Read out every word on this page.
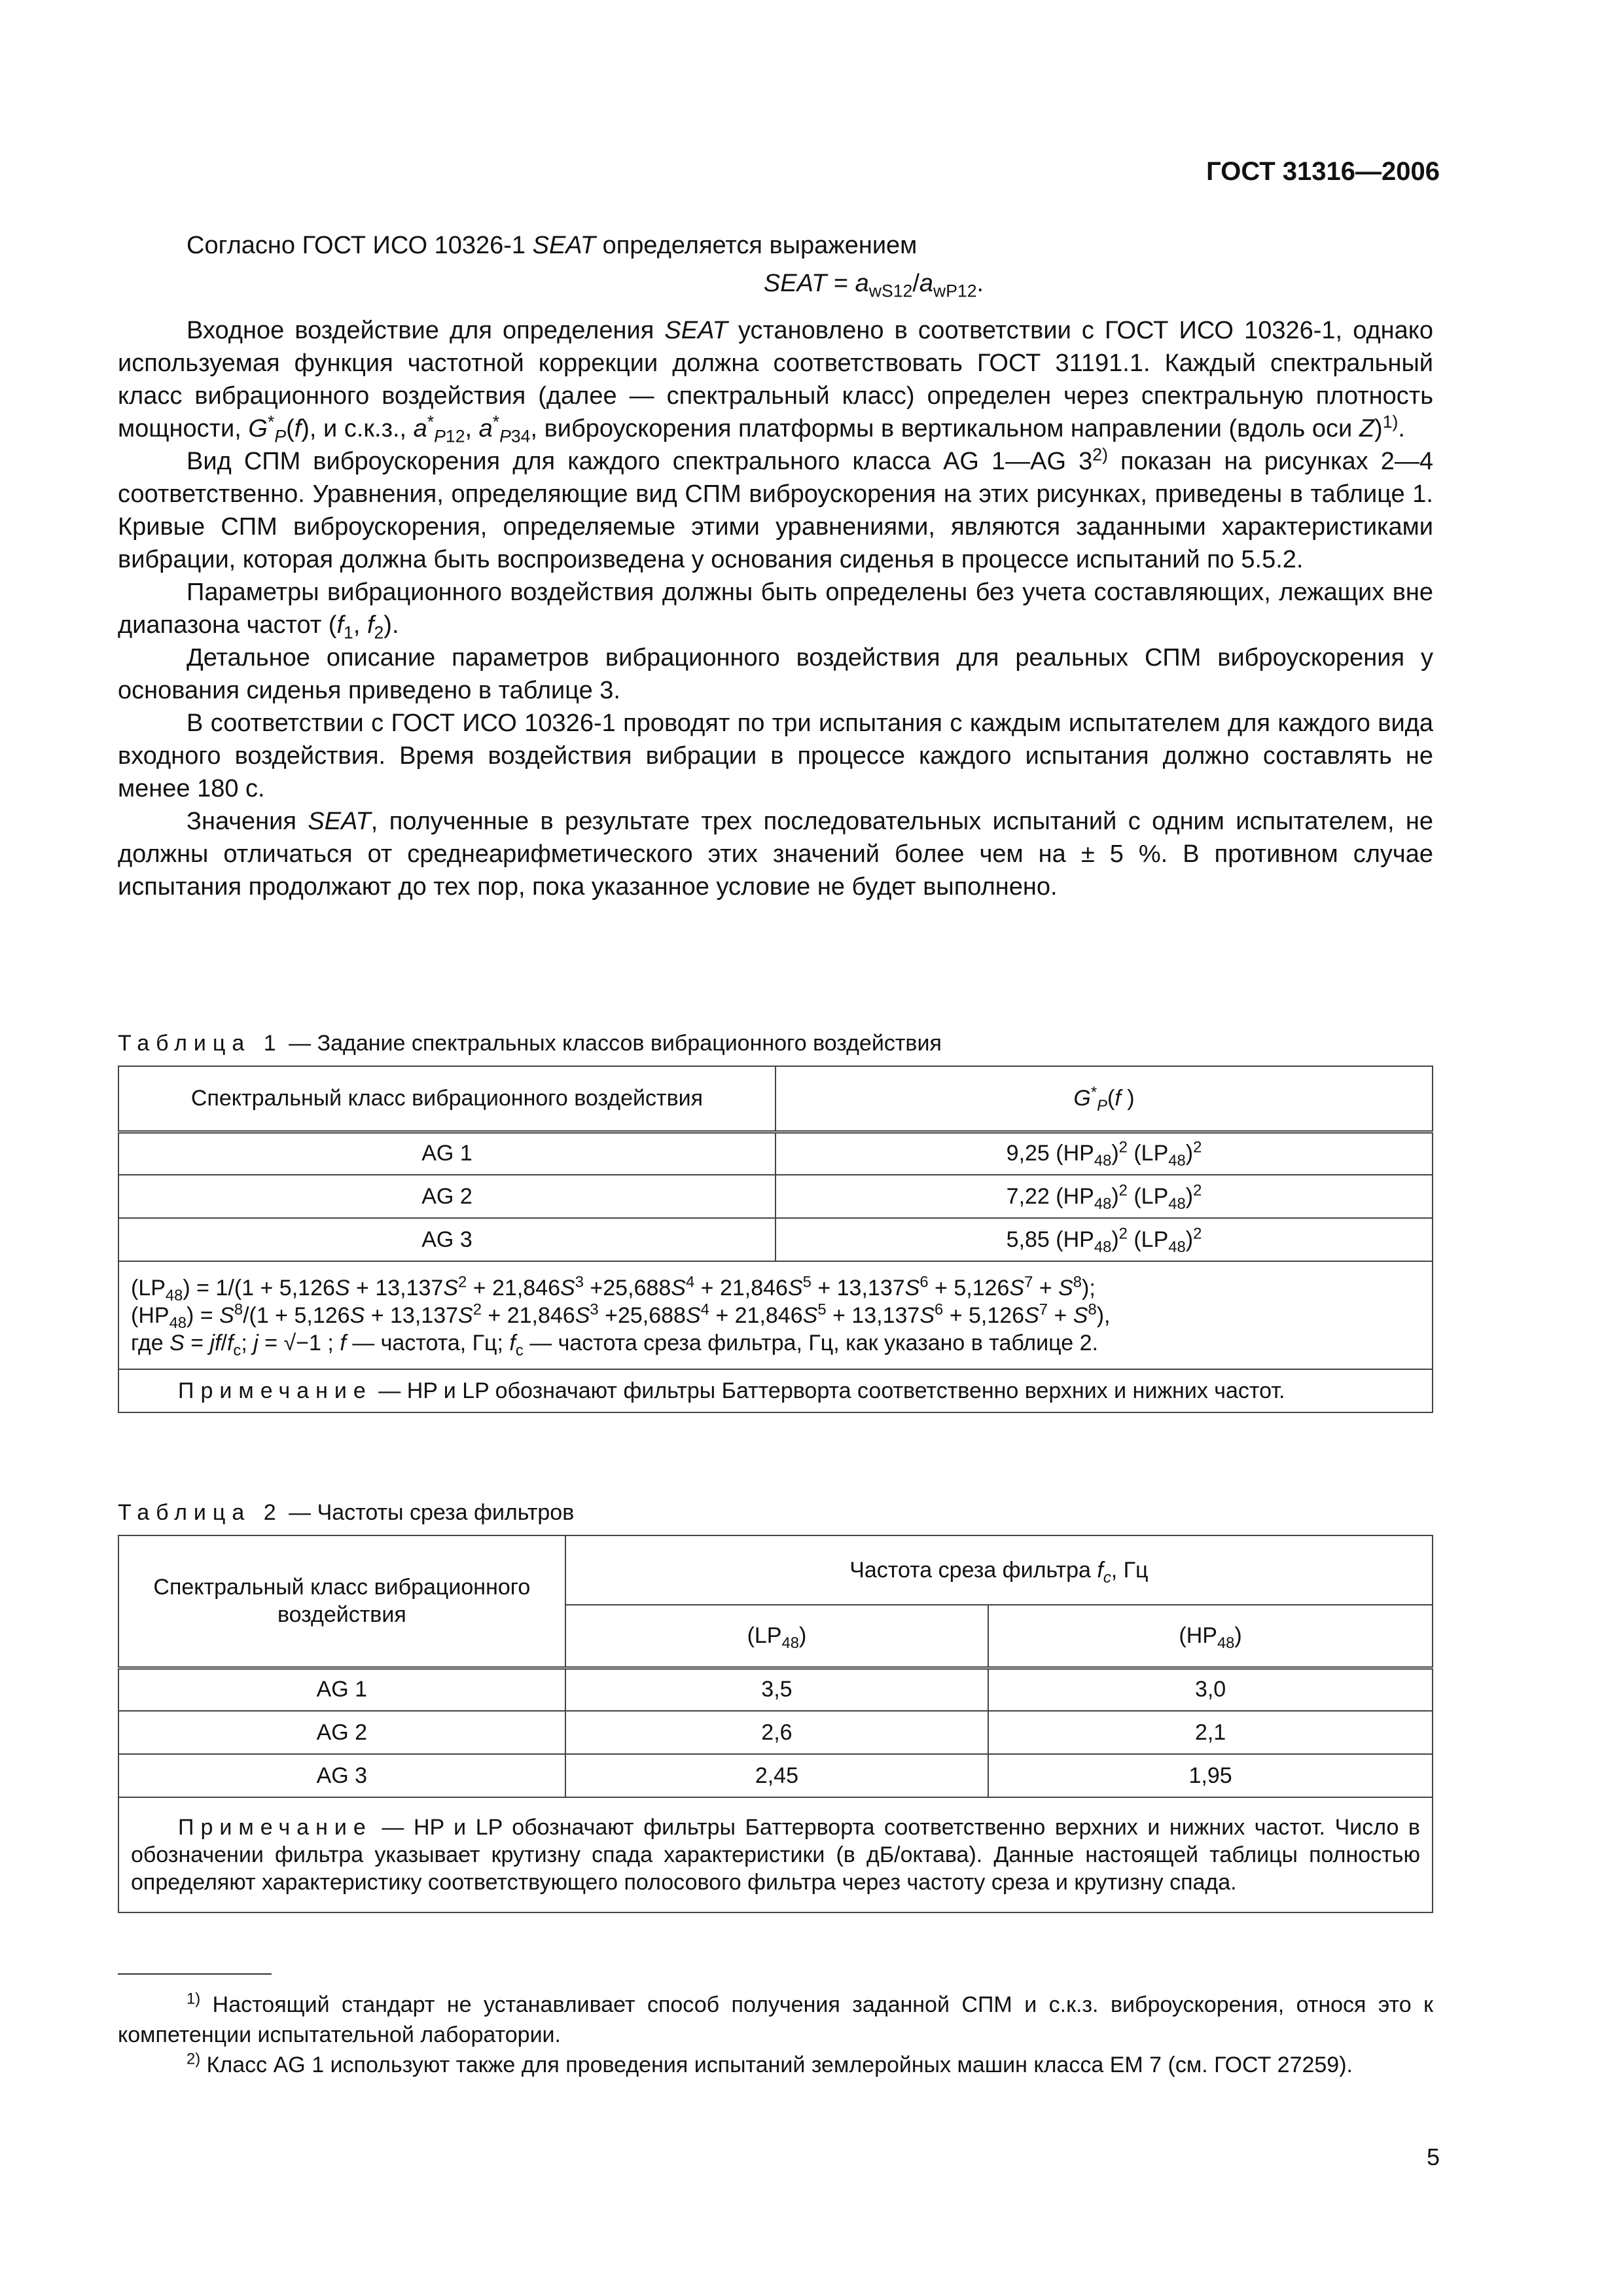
ГОСТ 31316—2006

Согласно ГОСТ ИСО 10326-1 SEAT определяется выражением

SEAT = $a_{wS12}/a_{wP12}$.

Входное воздействие для определения SEAT установлено в соответствии с ГОСТ ИСО 10326-1, однако используемая функция частотной коррекции должна соответствовать ГОСТ 31191.1. Каждый спектральный класс вибрационного воздействия (далее — спектральный класс) определен через спектральную плотность мощности, $G^*_P(f)$, и с.к.з., $a^*_{P12}$, $a^*_{P34}$, виброускорения платформы в вертикальном направлении (вдоль оси Z)$^{1)}$.

Вид СПМ виброускорения для каждого спектрального класса AG 1—AG 3$^{2)}$ показан на рисунках 2—4 соответственно. Уравнения, определяющие вид СПМ виброускорения на этих рисунках, приведены в таблице 1. Кривые СПМ виброускорения, определяемые этими уравнениями, являются заданными характеристиками вибрации, которая должна быть воспроизведена у основания сиденья в процессе испытаний по 5.5.2.

Параметры вибрационного воздействия должны быть определены без учета составляющих, лежащих вне диапазона частот ($f_1$, $f_2$).

Детальное описание параметров вибрационного воздействия для реальных СПМ виброускорения у основания сиденья приведено в таблице 3.

В соответствии с ГОСТ ИСО 10326-1 проводят по три испытания с каждым испытателем для каждого вида входного воздействия. Время воздействия вибрации в процессе каждого испытания должно составлять не менее 180 с.

Значения SEAT, полученные в результате трех последовательных испытаний с одним испытателем, не должны отличаться от среднеарифметического этих значений более чем на ± 5 %. В противном случае испытания продолжают до тех пор, пока указанное условие не будет выполнено.

Таблица 1 — Задание спектральных классов вибрационного воздействия
Спектральный класс вибрационного воздействия	$G^*_P(f$ )
AG 1	9,25 $(HP_{48})^2$ $(LP_{48})^2$
AG 2	7,22 $(HP_{48})^2$ $(LP_{48})^2$
AG 3	5,85 $(HP_{48})^2$ $(LP_{48})^2$

$(LP_{48}) = 1/(1 + 5,126S + 13,137S^2 + 21,846S^3 +25,688S^4 + 21,846S^5 + 13,137S^6 + 5,126S^7 + S^8)$;
$(HP_{48}) = S^8/(1 + 5,126S + 13,137S^2 + 21,846S^3 +25,688S^4 + 21,846S^5 + 13,137S^6 + 5,126S^7 + S^8)$,
где $S = jf/f_c$; j = √−1 ; f — частота, Гц; $f_c$ — частота среза фильтра, Гц, как указано в таблице 2.	

Примечание — HP и LP обозначают фильтры Баттерворта соответственно верхних и нижних частот.	
Таблица 2 — Частоты среза фильтров
Спектральный класс вибрационного воздействия	Частота среза фильтра $f_c$, Гц	
	$(LP_{48})$	$(HP_{48})$
AG 1	3,5	3,0
AG 2	2,6	2,1
AG 3	2,45	1,95
Примечание — HP и LP обозначают фильтры Баттерворта соответственно верхних и нижних частот. Число в обозначении фильтра указывает крутизну спада характеристики (в дБ/октава). Данные настоящей таблицы полностью определяют характеристику соответствующего полосового фильтра через частоту среза и крутизну спада.		

$^{1)}$ Настоящий стандарт не устанавливает способ получения заданной СПМ и с.к.з. виброускорения, относя это к компетенции испытательной лаборатории.

$^{2)}$ Класс AG 1 используют также для проведения испытаний землеройных машин класса ЕМ 7 (см. ГОСТ 27259).

5
